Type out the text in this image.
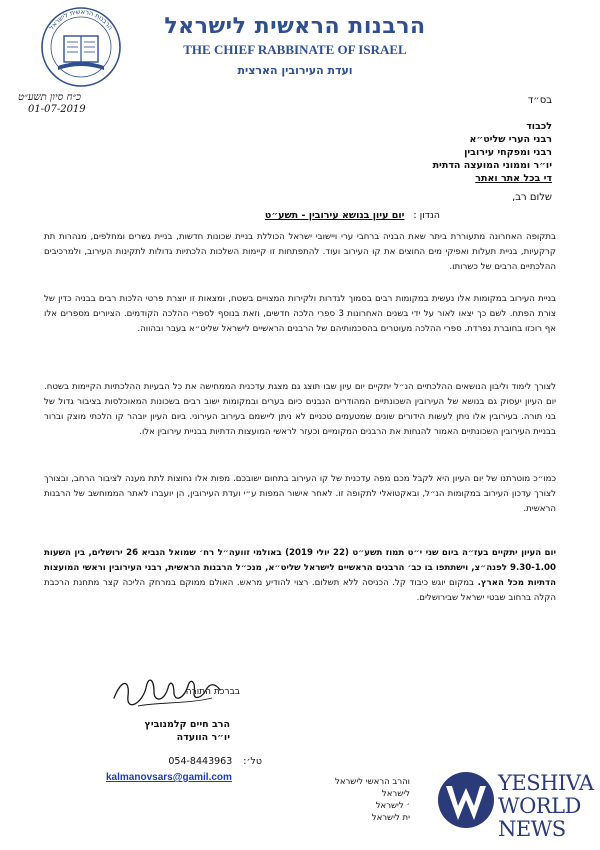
הרבנות הראשית לישראל	הרבנות הראשית לישראל
THE CHIEF RABBINATE OF ISRAEL
ועדת העירובין הארצית
כ״ח סיון תשע״ט
01-07-2019
בס״ד
לכבוד
רבני הערי שליט״א
רבני ומפקחי עירובין
יו״ר וממוני המועצה הדתית
די בכל אתר ואתר
שלום רב,
הנדון : יום עיון בנושא עירובין - תשע״ט
בתקופה האחרונה מתעוררת ביתר שאת הבניה ברחבי ערי ויישובי ישראל הכוללת בניית שכונות חדשות, בניית גשרים ומחלפים, מנהרות תת קרקעיות, בניית תעלות ואפיקי מים החוצים את קו העירוב ועוד. להתפתחות זו קיימות השלכות הלכתיות גדולות לתקינות העירוב, ולמרכיבים ההלכתיים הרבים של כשרותו.
בניית העירוב במקומות אלו נעשית במקומות רבים בסמוך לגדרות ולקירות המצויים בשטח, ומצאות זו יוצרת פרטי הלכות רבים בבניה כדין של צורת הפתח. לשם כך יצאו לאור על ידי בשנים האחרונות 3 ספרי הלכה חדשים, וזאת בנוסף לספרי ההלכה הקודמים. הציורים מספרים אלו אף רוכזו בחוברת נפרדת. ספרי ההלכה מעוטרים בהסכמותיהם של הרבנים הראשיים לישראל שליט״א בעבר ובהווה.
לצורך לימוד וליבון הנושאים ההלכתיים הנ״ל יתקיים יום עיון שבו תוצג גם מצגת עדכנית הממחישה את כל הבעיות ההלכתיות הקיימות בשטח. יום העיון יעסוק גם בנושא של העירובין השכונתיים המהודרים הנבנים כיום בערים ובמקומות ישוב רבים בשכונות המאוכלסות בציבור גדול של בני תורה. בעירובין אלו ניתן לעשות הידורים שונים שמטעמים טכניים לא ניתן ליישמם בעירוב העירוני. ביום העיון יובהר קו הלכתי מוצק וברור בבניית העירובין השכונתיים האמור להנחות את הרבנים המקומיים וכעזר לראשי המועצות הדתיות בבניית עירובין אלו.
כמו״כ מוטרתנו של יום העיון היא לקבל מכם מפה עדכנית של קו העירוב בתחום ישובכם. מפות אלו נחוצות לתת מענה לציבור הרחב, ובצורך לצורך עדכון העירוב במקומות הנ״ל, ובאקטואלי לתקופה זו. לאחר אישור המפות ע״י ועדת העירובין, הן יועברו לאתר הממוחשב של הרבנות הראשית.
יום העיון יתקיים בעז״ה ביום שני י״ט תמוז תשע״ט (22 יולי 2019) באולמי זוועה״ל רח׳ שמואל הנביא 26 ירושלים, בין השעות 9.30-1.00 לפנה״צ, וישתתפו בו כב׳ הרבנים הראשיים לישראל שליט״א, מנכ״ל הרבנות הראשית, רבני העירובין וראשי המועצות הדתיות מכל הארץ. במקום יוגש כיבוד קל. הכניסה ללא תשלום. רצוי להודיע מראש. האולם ממוקם במרחק הליכה קצר מתחנת הרכבת הקלה ברחוב שבטי ישראל שבירושלים.
בברכת התורה,
הרב חיים קלמנוביץ
יו״ר הוועדה
טל׳: 054-8443963
kalmanovsars@gamil.com	והרב הראשי לישראל
לישראל
׳ לישראל
ית לישראל
YESHIVA
WORLD
NEWS
